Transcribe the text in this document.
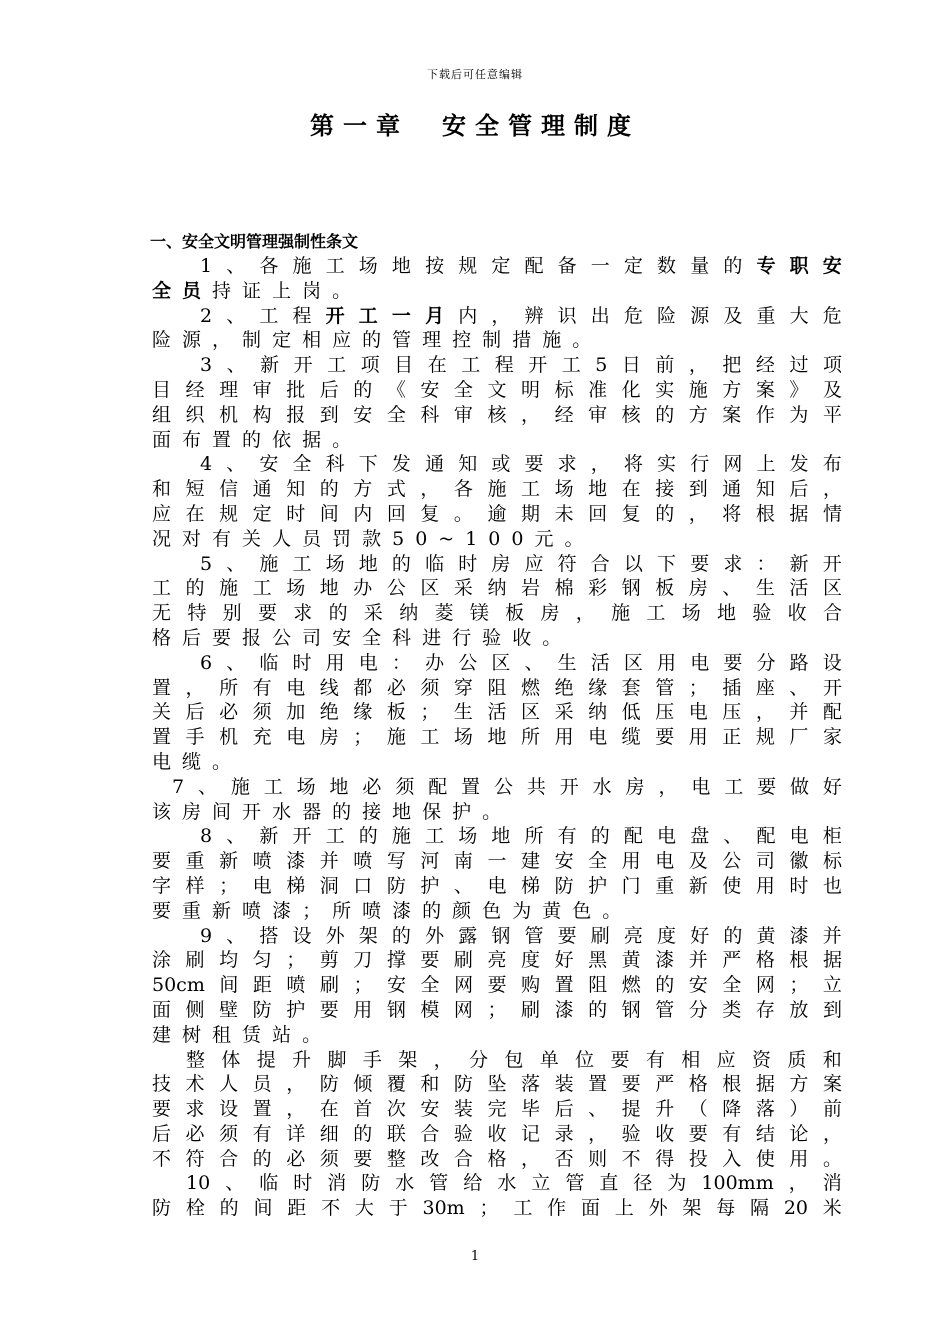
下载后可任意编辑
第一章　安全管理制度
一、安全文明管理强制性条文
1 、 各 施 工 场 地 按 规 定 配 备 一 定 数 量 的 专 职 安
全 员 持 证 上 岗 。
2 、 工 程 开 工 一 月 内 ， 辨 识 出 危 险 源 及 重 大 危
险 源 ， 制 定 相 应 的 管 理 控 制 措 施 。
3 、 新 开 工 项 目 在 工 程 开 工 5 日 前 ， 把 经 过 项
目 经 理 审 批 后 的 《 安 全 文 明 标 准 化 实 施 方 案 》 及
组 织 机 构 报 到 安 全 科 审 核 ， 经 审 核 的 方 案 作 为 平
面 布 置 的 依 据 。
4 、 安 全 科 下 发 通 知 或 要 求 ， 将 实 行 网 上 发 布
和 短 信 通 知 的 方 式 ， 各 施 工 场 地 在 接 到 通 知 后 ，
应 在 规 定 时 间 内 回 复 。 逾 期 未 回 复 的 ， 将 根 据 情
况 对 有 关 人 员 罚 款 50~100 元 。
5 、 施 工 场 地 的 临 时 房 应 符 合 以 下 要 求 ： 新 开
工 的 施 工 场 地 办 公 区 采 纳 岩 棉 彩 钢 板 房 、 生 活 区
无 特 别 要 求 的 采 纳 菱 镁 板 房 ， 施 工 场 地 验 收 合
格 后 要 报 公 司 安 全 科 进 行 验 收 。
6 、 临 时 用 电 ： 办 公 区 、 生 活 区 用 电 要 分 路 设
置 ， 所 有 电 线 都 必 须 穿 阻 燃 绝 缘 套 管 ； 插 座 、 开
关 后 必 须 加 绝 缘 板 ； 生 活 区 采 纳 低 压 电 压 ， 并 配
置 手 机 充 电 房 ； 施 工 场 地 所 用 电 缆 要 用 正 规 厂 家
电 缆 。
7 、 施 工 场 地 必 须 配 置 公 共 开 水 房 ， 电 工 要 做 好
该 房 间 开 水 器 的 接 地 保 护 。
8 、 新 开 工 的 施 工 场 地 所 有 的 配 电 盘 、 配 电 柜
要 重 新 喷 漆 并 喷 写 河 南 一 建 安 全 用 电 及 公 司 徽 标
字 样 ； 电 梯 洞 口 防 护 、 电 梯 防 护 门 重 新 使 用 时 也
要 重 新 喷 漆 ； 所 喷 漆 的 颜 色 为 黄 色 。
9 、 搭 设 外 架 的 外 露 钢 管 要 刷 亮 度 好 的 黄 漆 并
涂 刷 均 匀 ； 剪 刀 撑 要 刷 亮 度 好 黑 黄 漆 并 严 格 根 据
50cm 间 距 喷 刷 ； 安 全 网 要 购 置 阻 燃 的 安 全 网 ； 立
面 侧 壁 防 护 要 用 钢 模 网 ； 刷 漆 的 钢 管 分 类 存 放 到
建 树 租 赁 站 。
整 体 提 升 脚 手 架 ， 分 包 单 位 要 有 相 应 资 质 和
技 术 人 员 ， 防 倾 覆 和 防 坠 落 装 置 要 严 格 根 据 方 案
要 求 设 置 ， 在 首 次 安 装 完 毕 后 、 提 升 （ 降 落 ） 前
后 必 须 有 详 细 的 联 合 验 收 记 录 ， 验 收 要 有 结 论 ，
不 符 合 的 必 须 要 整 改 合 格 ， 否 则 不 得 投 入 使 用 。
10 、 临 时 消 防 水 管 给 水 立 管 直 径 为 100mm ， 消
防 栓 的 间 距 不 大 于 30m ； 工 作 面 上 外 架 每 隔 20 米
1
